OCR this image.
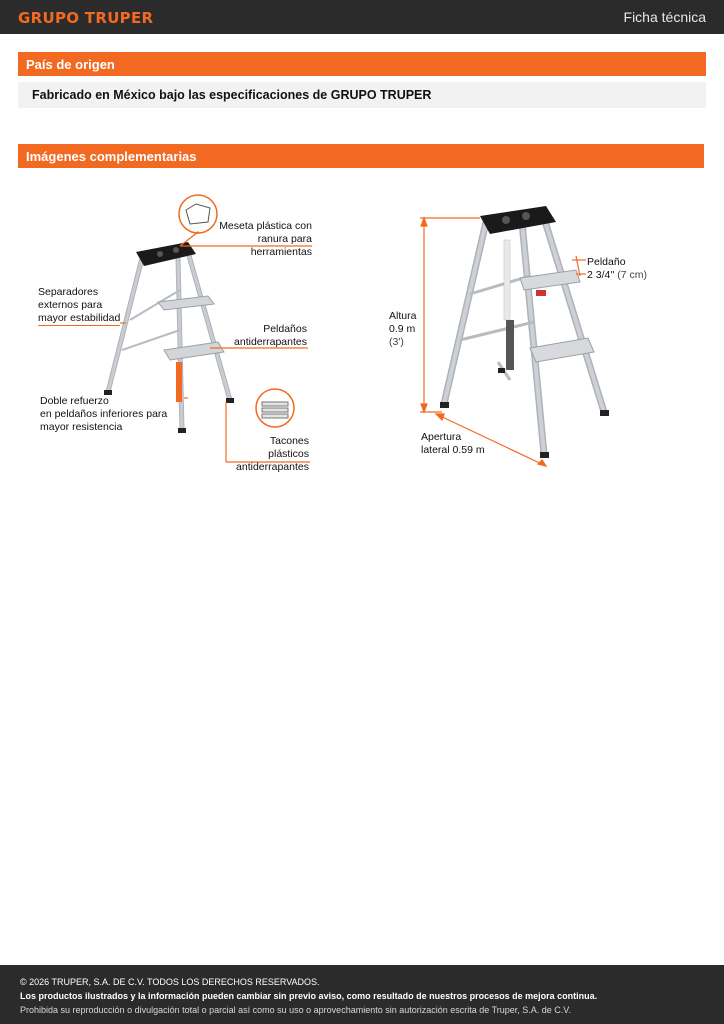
GRUPO TRUPER	Ficha técnica
País de origen
Fabricado en México bajo las especificaciones de GRUPO TRUPER
Imágenes complementarias
Meseta plástica con
ranura para herramientas
Separadores
externos para
mayor estabilidad
Peldaños
antiderrapantes
Doble refuerzo
en peldaños inferiores para
mayor resistencia
Tacones plásticos
antiderrapantes
Peldaño
2 3/4'' (7 cm)
Altura
0.9 m
(3')
Apertura
lateral 0.59 m
© 2026 TRUPER, S.A. DE C.V. TODOS LOS DERECHOS RESERVADOS.
Los productos ilustrados y la información pueden cambiar sin previo aviso, como resultado de nuestros procesos de mejora continua.
Prohibida su reproducción o divulgación total o parcial así como su uso o aprovechamiento sin autorización escrita de Truper, S.A. de C.V.
